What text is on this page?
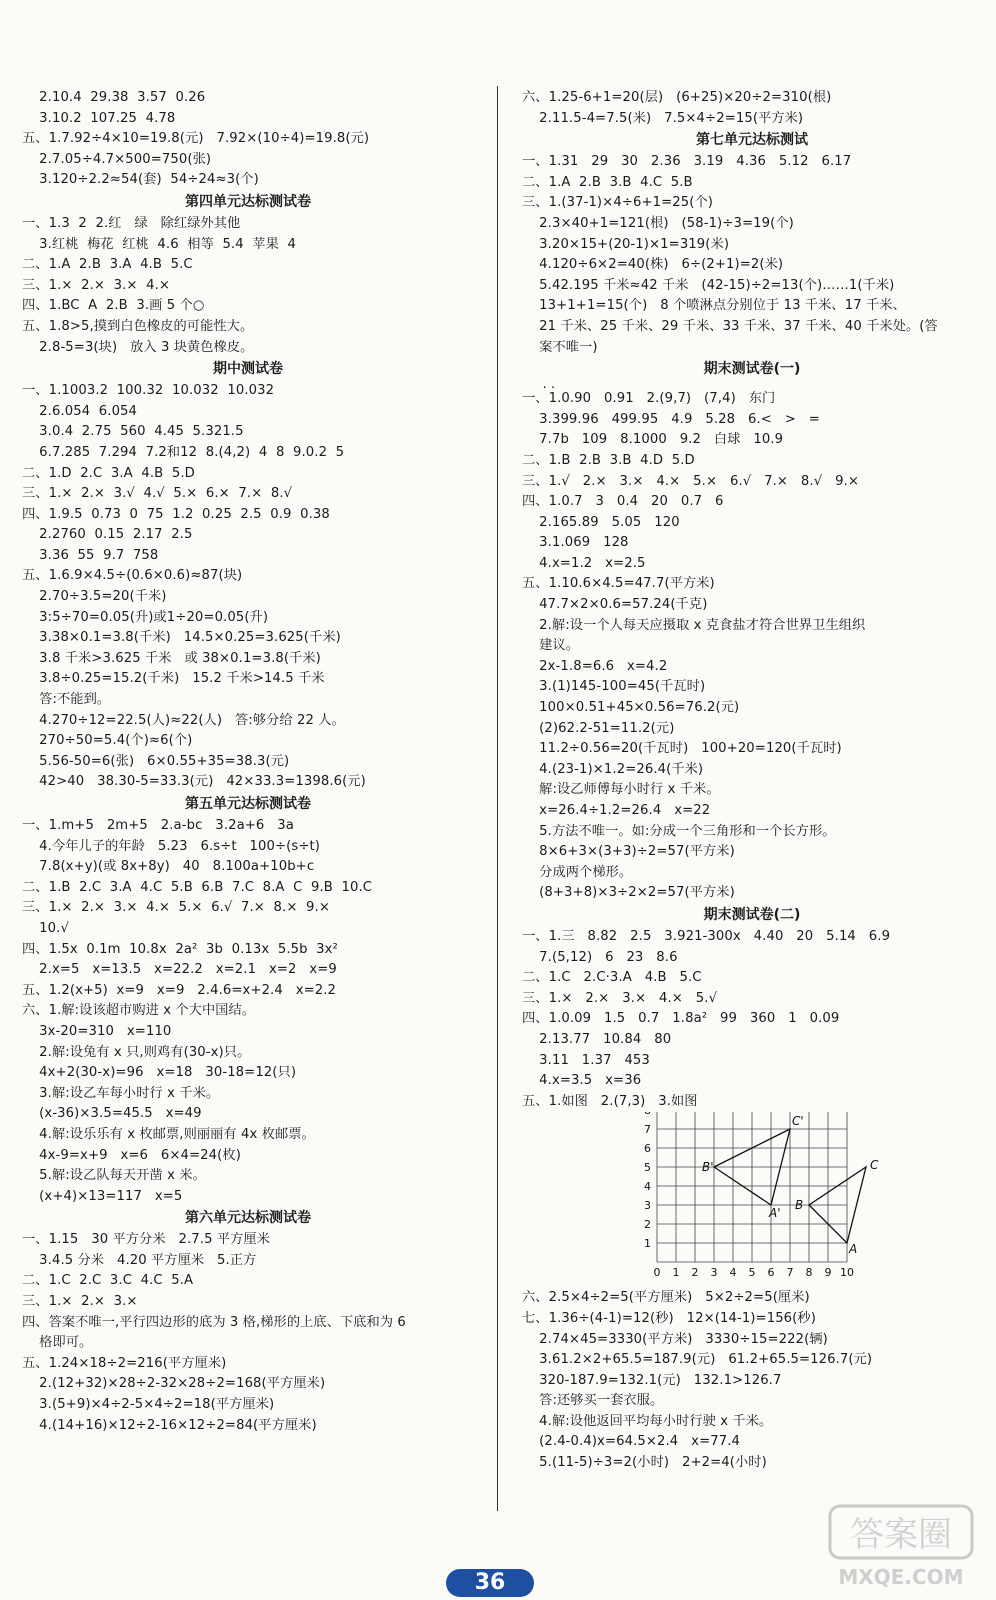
2.10.4  29.38  3.57  0.26
3.10.2  107.25  4.78
五、1.7.92÷4×10=19.8(元)   7.92×(10÷4)=19.8(元)
2.7.05÷4.7×500=750(张)
3.120÷2.2≈54(套)  54÷24≈3(个)
第四单元达标测试卷
一、1.3  2  2.红   绿   除红绿外其他
3.红桃  梅花  红桃  4.6  相等  5.4  苹果  4
二、1.A  2.B  3.A  4.B  5.C
三、1.×  2.×  3.×  4.×
四、1.BC  A  2.B  3.画 5 个○
五、1.8>5,摸到白色橡皮的可能性大。
2.8-5=3(块)   放入 3 块黄色橡皮。
期中测试卷
一、1.1003.2  100.32  10.032  10.032
2.6.054  6.054
3.0.4  2.75  560  4.45  5.321.5
6.7.285  7.294  7.2和12  8.(4,2)  4  8  9.0.2  5
二、1.D  2.C  3.A  4.B  5.D
三、1.×  2.×  3.√  4.√  5.×  6.×  7.×  8.√
四、1.9.5  0.73  0  75  1.2  0.25  2.5  0.9  0.38
2.2760  0.15  2.17  2.5
3.36  55  9.7  758
五、1.6.9×4.5÷(0.6×0.6)≈87(块)
2.70÷3.5=20(千米)
3:5÷70=0.05(升)或1÷20=0.05(升)
3.38×0.1=3.8(千米)   14.5×0.25=3.625(千米)
3.8 千米>3.625 千米   或 38×0.1=3.8(千米)
3.8÷0.25=15.2(千米)   15.2 千米>14.5 千米
答:不能到。
4.270÷12=22.5(人)≈22(人)   答:够分给 22 人。
270÷50=5.4(个)≈6(个)
5.56-50=6(张)   6×0.55+35=38.3(元)
42>40   38.30-5=33.3(元)   42×33.3=1398.6(元)
第五单元达标测试卷
一、1.m+5   2m+5   2.a-bc   3.2a+6   3a
4.今年儿子的年龄   5.23   6.s÷t   100÷(s÷t)
7.8(x+y)(或 8x+8y)   40   8.100a+10b+c
二、1.B  2.C  3.A  4.C  5.B  6.B  7.C  8.A  C  9.B  10.C
三、1.×  2.×  3.×  4.×  5.×  6.√  7.×  8.×  9.×
10.√
四、1.5x  0.1m  10.8x  2a²  3b  0.13x  5.5b  3x²
2.x=5   x=13.5   x=22.2   x=2.1   x=2   x=9
五、1.2(x+5)  x=9   x=9   2.4.6=x+2.4   x=2.2
六、1.解:设该超市购进 x 个大中国结。
3x-20=310   x=110
2.解:设兔有 x 只,则鸡有(30-x)只。
4x+2(30-x)=96   x=18   30-18=12(只)
3.解:设乙车每小时行 x 千米。
(x-36)×3.5=45.5   x=49
4.解:设乐乐有 x 枚邮票,则丽丽有 4x 枚邮票。
4x-9=x+9   x=6   6×4=24(枚)
5.解:设乙队每天开凿 x 米。
(x+4)×13=117   x=5
第六单元达标测试卷
一、1.15   30 平方分米   2.7.5 平方厘米
3.4.5 分米   4.20 平方厘米   5.正方
二、1.C  2.C  3.C  4.C  5.A
三、1.×  2.×  3.×
四、答案不唯一,平行四边形的底为 3 格,梯形的上底、下底和为 6
格即可。
五、1.24×18÷2=216(平方厘米)
2.(12+32)×28÷2-32×28÷2=168(平方厘米)
3.(5+9)×4÷2-5×4÷2=18(平方厘米)
4.(14+16)×12÷2-16×12÷2=84(平方厘米)
六、1.25-6+1=20(层)   (6+25)×20÷2=310(根)
2.11.5-4=7.5(米)   7.5×4÷2=15(平方米)
第七单元达标测试
一、1.31   29   30   2.36   3.19   4.36   5.12   6.17
二、1.A  2.B  3.B  4.C  5.B
三、1.(37-1)×4÷6+1=25(个)
2.3×40+1=121(根)   (58-1)÷3=19(个)
3.20×15+(20-1)×1=319(米)
4.120÷6×2=40(株)   6÷(2+1)=2(米)
5.42.195 千米≈42 千米   (42-15)÷2=13(个)……1(千米)
13+1+1=15(个)   8 个喷淋点分别位于 13 千米、17 千米、
21 千米、25 千米、29 千米、33 千米、37 千米、40 千米处。(答
案不唯一)
期末测试卷(一)
. .
一、1.0.90   0.91   2.(9,7)   (7,4)   东门
3.399.96   499.95   4.9   5.28   6.<   >   =
7.7b   109   8.1000   9.2   白球   10.9
二、1.B  2.B  3.B  4.D  5.D
三、1.√   2.×   3.×   4.×   5.×   6.√   7.×   8.√   9.×
四、1.0.7   3   0.4   20   0.7   6
2.165.89   5.05   120
3.1.069   128
4.x=1.2   x=2.5
五、1.10.6×4.5=47.7(平方米)
47.7×2×0.6=57.24(千克)
2.解:设一个人每天应摄取 x 克食盐才符合世界卫生组织
建议。
2x-1.8=6.6   x=4.2
3.(1)145-100=45(千瓦时)
100×0.51+45×0.56=76.2(元)
(2)62.2-51=11.2(元)
11.2÷0.56=20(千瓦时)   100+20=120(千瓦时)
4.(23-1)×1.2=26.4(千米)
解:设乙师傅每小时行 x 千米。
x=26.4÷1.2=26.4   x=22
5.方法不唯一。如:分成一个三角形和一个长方形。
8×6+3×(3+3)÷2=57(平方米)
分成两个梯形。
(8+3+8)×3÷2×2=57(平方米)
期末测试卷(二)
一、1.三   8.82   2.5   3.921-300x   4.40   20   5.14   6.9
7.(5,12)   6   23   8.6
二、1.C   2.C·3.A   4.B   5.C
三、1.×   2.×   3.×   4.×   5.√
四、1.0.09   1.5   0.7   1.8a²   99   360   1   0.09
2.13.77   10.84   80
3.11   1.37   453
4.x=3.5   x=36
五、1.如图   2.(7,3)   3.如图
0 1 2 3 4 5 6 7 8 9 10
1
2
3
4
5
6
7
B'
A'
C'
B
A
C
六、2.5×4÷2=5(平方厘米)   5×2÷2=5(厘米)
七、1.36÷(4-1)=12(秒)   12×(14-1)=156(秒)
2.74×45=3330(平方米)   3330÷15=222(辆)
3.61.2×2+65.5=187.9(元)   61.2+65.5=126.7(元)
320-187.9=132.1(元)   132.1>126.7
答:还够买一套衣服。
4.解:设他返回平均每小时行驶 x 千米。
(2.4-0.4)x=64.5×2.4   x=77.4
5.(11-5)÷3=2(小时)   2+2=4(小时)
36
答案圈
MXQE.COM
